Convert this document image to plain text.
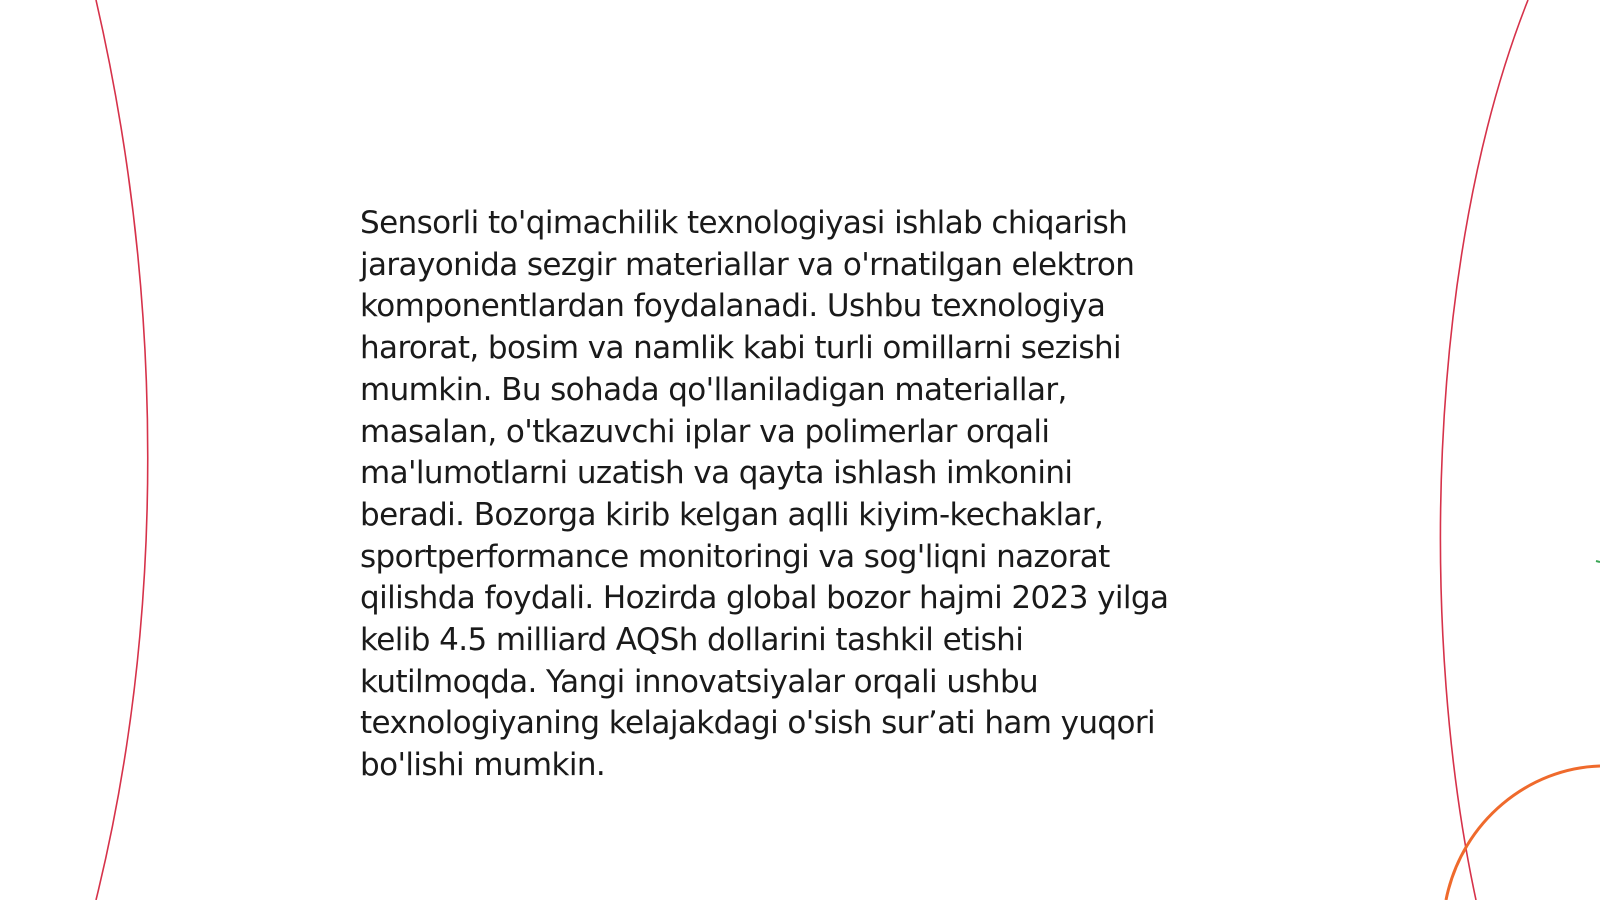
Sensorli to'qimachilik texnologiyasi ishlab chiqarish
jarayonida sezgir materiallar va o'rnatilgan elektron
komponentlardan foydalanadi. Ushbu texnologiya
harorat, bosim va namlik kabi turli omillarni sezishi
mumkin. Bu sohada qo'llaniladigan materiallar,
masalan, o'tkazuvchi iplar va polimerlar orqali
ma'lumotlarni uzatish va qayta ishlash imkonini
beradi. Bozorga kirib kelgan aqlli kiyim-kechaklar,
sportperformance monitoringi va sog'liqni nazorat
qilishda foydali. Hozirda global bozor hajmi 2023 yilga
kelib 4.5 milliard AQSh dollarini tashkil etishi
kutilmoqda. Yangi innovatsiyalar orqali ushbu
texnologiyaning kelajakdagi o'sish sur’ati ham yuqori
bo'lishi mumkin.
